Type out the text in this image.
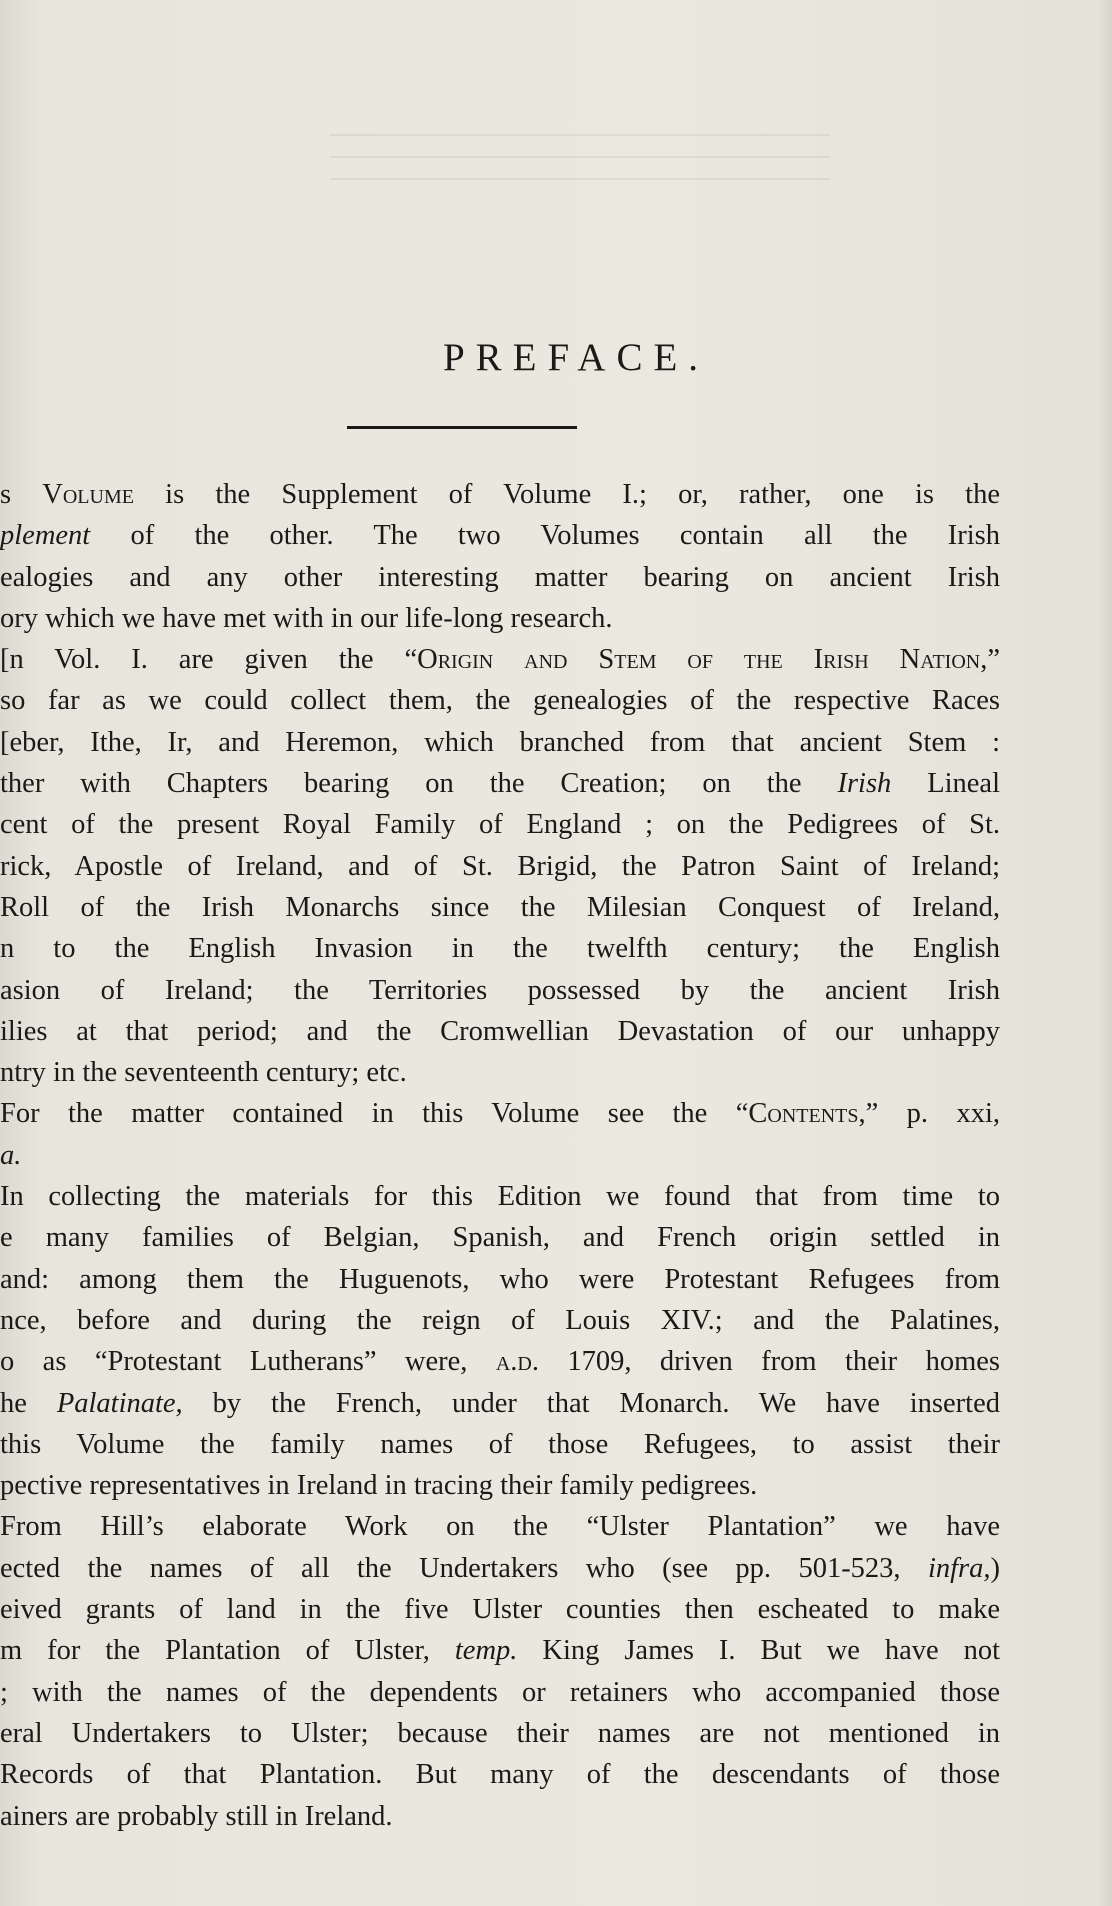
PREFACE.
s Volume is the Supplement of Volume I.; or, rather, one is the
plement of the other. The two Volumes contain all the Irish
ealogies and any other interesting matter bearing on ancient Irish
ory which we have met with in our life-long research.
[n Vol. I. are given the “Origin and Stem of the Irish Nation,”
so far as we could collect them, the genealogies of the respective Races
[eber, Ithe, Ir, and Heremon, which branched from that ancient Stem :
ther with Chapters bearing on the Creation; on the Irish Lineal
cent of the present Royal Family of England ; on the Pedigrees of St.
rick, Apostle of Ireland, and of St. Brigid, the Patron Saint of Ireland;
Roll of the Irish Monarchs since the Milesian Conquest of Ireland,
n to the English Invasion in the twelfth century; the English
asion of Ireland; the Territories possessed by the ancient Irish
ilies at that period; and the Cromwellian Devastation of our unhappy
ntry in the seventeenth century; etc.
For the matter contained in this Volume see the “Contents,” p. xxi,
a.
In collecting the materials for this Edition we found that from time to
e many families of Belgian, Spanish, and French origin settled in
and: among them the Huguenots, who were Protestant Refugees from
nce, before and during the reign of Louis XIV.; and the Palatines,
o as “Protestant Lutherans” were, a.d. 1709, driven from their homes
he Palatinate, by the French, under that Monarch. We have inserted
this Volume the family names of those Refugees, to assist their
pective representatives in Ireland in tracing their family pedigrees.
From Hill’s elaborate Work on the “Ulster Plantation” we have
ected the names of all the Undertakers who (see pp. 501-523, infra,)
eived grants of land in the five Ulster counties then escheated to make
m for the Plantation of Ulster, temp. King James I. But we have not
; with the names of the dependents or retainers who accompanied those
eral Undertakers to Ulster; because their names are not mentioned in
Records of that Plantation. But many of the descendants of those
ainers are probably still in Ireland.
